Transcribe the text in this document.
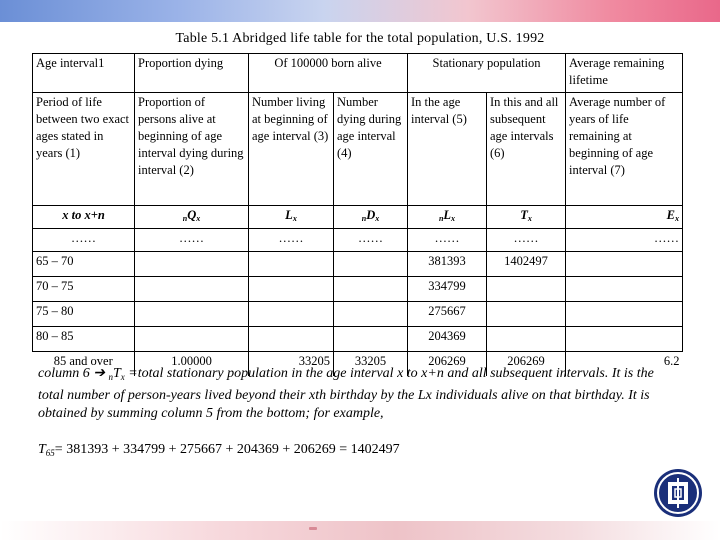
Table 5.1 Abridged life table for the total population, U.S. 1992
Age interval1	Proportion dying	Of 100000 born alive		Stationary population		Average remaining lifetime
Period of life between two exact ages stated in years (1)	Proportion of persons alive at beginning of age interval dying during interval (2)	Number living at beginning of age interval (3)	Number dying during age interval (4)	In the age interval (5)	In this and all subsequent age intervals (6)	Average number of years of life remaining at beginning of age interval (7)
x to x+n	$_nQ_x$	$L_x$	$_nD_x$	$_nL_x$	$T_x$	$E_x$
……	……	……	……	……	……	……
65 – 70				381393	1402497	
70 – 75				334799		
75 – 80				275667		
80 – 85				204369		
85 and over	1.00000	33205	33205	206269	206269	6.2
column 6 ➔ $_nT_x$ =total stationary population in the age interval x to x+n and all subsequent intervals. It is the total number of person-years lived beyond their xth birthday by the Lx individuals alive on that birthday. It is obtained by summing column 5 from the bottom; for example,
$T_{65}= 381393 + 334799 + 275667 + 204369 + 206269 = 1402497$
